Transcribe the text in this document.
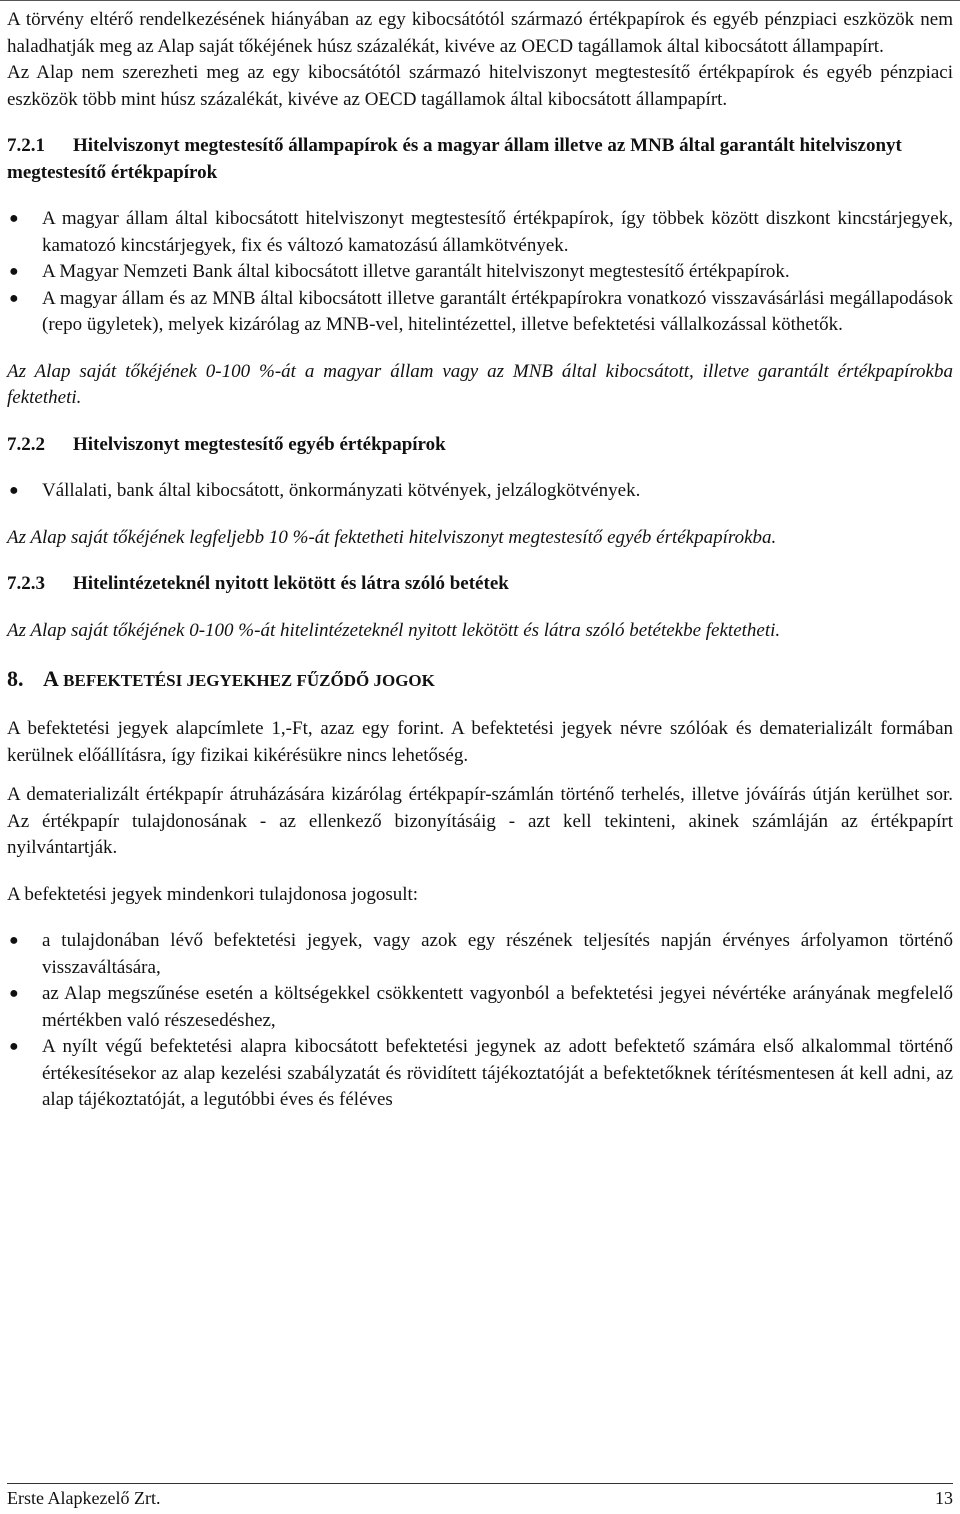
A törvény eltérő rendelkezésének hiányában az egy kibocsátótól származó értékpapírok és egyéb pénzpiaci eszközök nem haladhatják meg az Alap saját tőkéjének húsz százalékát, kivéve az OECD tagállamok által kibocsátott állampapírt.

Az Alap nem szerezheti meg az egy kibocsátótól származó hitelviszonyt megtestesítő értékpapírok és egyéb pénzpiaci eszközök több mint húsz százalékát, kivéve az OECD tagállamok által kibocsátott állampapírt.

7.2.1 Hitelviszonyt megtestesítő állampapírok és a magyar állam illetve az MNB által garantált hitelviszonyt megtestesítő értékpapírok

● A magyar állam által kibocsátott hitelviszonyt megtestesítő értékpapírok, így többek között diszkont kincstárjegyek, kamatozó kincstárjegyek, fix és változó kamatozású államkötvények.
● A Magyar Nemzeti Bank által kibocsátott illetve garantált hitelviszonyt megtestesítő értékpapírok.
● A magyar állam és az MNB által kibocsátott illetve garantált értékpapírokra vonatkozó visszavásárlási megállapodások (repo ügyletek), melyek kizárólag az MNB-vel, hitelintézettel, illetve befektetési vállalkozással köthetők.

Az Alap saját tőkéjének 0-100 %-át a magyar állam vagy az MNB által kibocsátott, illetve garantált értékpapírokba fektetheti.

7.2.2 Hitelviszonyt megtestesítő egyéb értékpapírok

● Vállalati, bank által kibocsátott, önkormányzati kötvények, jelzálogkötvények.

Az Alap saját tőkéjének legfeljebb 10 %-át fektetheti hitelviszonyt megtestesítő egyéb értékpapírokba.

7.2.3 Hitelintézeteknél nyitott lekötött és látra szóló betétek

Az Alap saját tőkéjének 0-100 %-át hitelintézeteknél nyitott lekötött és látra szóló betétekbe fektetheti.

8. A BEFEKTETÉSI JEGYEKHEZ FŰZŐDŐ JOGOK

A befektetési jegyek alapcímlete 1,-Ft, azaz egy forint. A befektetési jegyek névre szólóak és dematerializált formában kerülnek előállításra, így fizikai kikérésükre nincs lehetőség.

A dematerializált értékpapír átruházására kizárólag értékpapír-számlán történő terhelés, illetve jóváírás útján kerülhet sor. Az értékpapír tulajdonosának - az ellenkező bizonyításáig - azt kell tekinteni, akinek számláján az értékpapírt nyilvántartják.

A befektetési jegyek mindenkori tulajdonosa jogosult:

● a tulajdonában lévő befektetési jegyek, vagy azok egy részének teljesítés napján érvényes árfolyamon történő visszaváltására,
● az Alap megszűnése esetén a költségekkel csökkentett vagyonból a befektetési jegyei névértéke arányának megfelelő mértékben való részesedéshez,
● A nyílt végű befektetési alapra kibocsátott befektetési jegynek az adott befektető számára első alkalommal történő értékesítésekor az alap kezelési szabályzatát és rövidített tájékoztatóját a befektetőknek térítésmentesen át kell adni, az alap tájékoztatóját, a legutóbbi éves és féléves
Erste Alapkezelő Zrt.	13
